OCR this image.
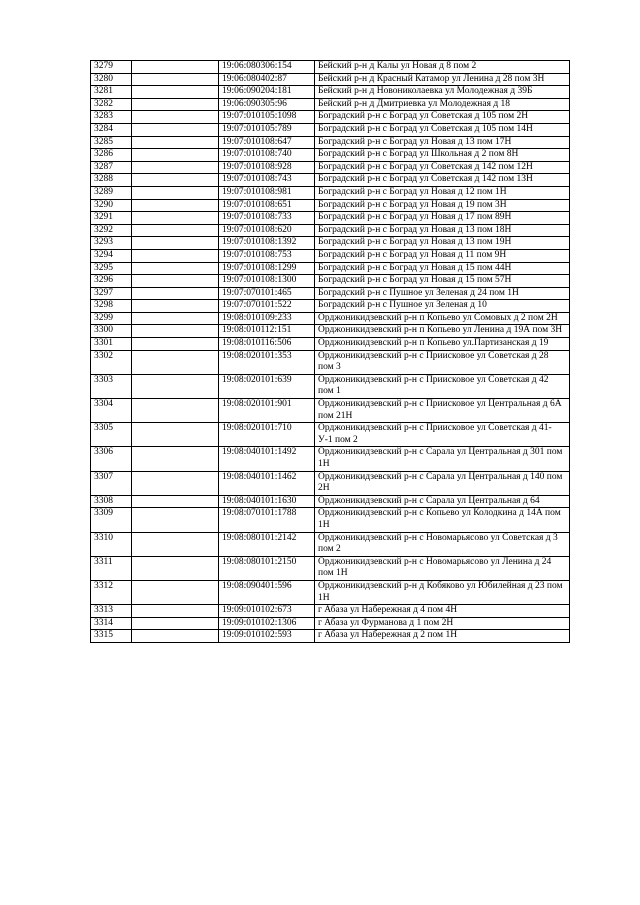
3279		19:06:080306:154	Бейский р-н д Калы ул Новая д 8 пом 2
3280		19:06:080402:87	Бейский р-н д Красный Катамор ул Ленина д 28 пом 3Н
3281		19:06:090204:181	Бейский р-н д Новониколаевка ул Молодежная д 39Б
3282		19:06:090305:96	Бейский р-н д Дмитриевка ул Молодежная д 18
3283		19:07:010105:1098	Боградский р-н с Боград ул Советская д 105 пом 2Н
3284		19:07:010105:789	Боградский р-н с Боград ул Советская д 105 пом 14Н
3285		19:07:010108:647	Боградский р-н с Боград ул Новая д 13 пом 17Н
3286		19:07:010108:740	Боградский р-н с Боград ул Школьная д 2 пом 8Н
3287		19:07:010108:928	Боградский р-н с Боград ул Советская д 142 пом 12Н
3288		19:07:010108:743	Боградский р-н с Боград ул Советская д 142 пом 13Н
3289		19:07:010108:981	Боградский р-н с Боград ул Новая д 12 пом 1Н
3290		19:07:010108:651	Боградский р-н с Боград ул Новая д 19 пом 3Н
3291		19:07:010108:733	Боградский р-н с Боград ул Новая д 17 пом 89Н
3292		19:07:010108:620	Боградский р-н с Боград ул Новая д 13 пом 18Н
3293		19:07:010108:1392	Боградский р-н с Боград ул Новая д 13 пом 19Н
3294		19:07:010108:753	Боградский р-н с Боград ул Новая д 11 пом 9Н
3295		19:07:010108:1299	Боградский р-н с Боград ул Новая д 15 пом 44Н
3296		19:07:010108:1300	Боградский р-н с Боград ул Новая д 15 пом 57Н
3297		19:07:070101:465	Боградский р-н с Пушное ул Зеленая д 24 пом 1Н
3298		19:07:070101:522	Боградский р-н с Пушное ул Зеленая д 10
3299		19:08:010109:233	Орджоникидзевский р-н п Копьево ул Сомовых д 2 пом 2Н
3300		19:08:010112:151	Орджоникидзевский р-н п Копьево ул Ленина д 19А пом 3Н
3301		19:08:010116:506	Орджоникидзевский р-н п Копьево ул.Партизанская д 19
3302		19:08:020101:353	Орджоникидзевский р-н с Приисковое ул Советская д 28 пом 3
3303		19:08:020101:639	Орджоникидзевский р-н с Приисковое ул Советская д 42 пом 1
3304		19:08:020101:901	Орджоникидзевский р-н с Приисковое ул Центральная д 6А пом 21Н
3305		19:08:020101:710	Орджоникидзевский р-н с Приисковое ул Советская д 41-У-1 пом 2
3306		19:08:040101:1492	Орджоникидзевский р-н с Сарала ул Центральная д 301 пом 1Н
3307		19:08:040101:1462	Орджоникидзевский р-н с Сарала ул Центральная д 140 пом 2Н
3308		19:08:040101:1630	Орджоникидзевский р-н с Сарала ул Центральная д 64
3309		19:08:070101:1788	Орджоникидзевский р-н с Копьево ул Колодкина д 14А пом 1Н
3310		19:08:080101:2142	Орджоникидзевский р-н с Новомарьясово ул Советская д 3 пом 2
3311		19:08:080101:2150	Орджоникидзевский р-н с Новомарьясово ул Ленина д 24 пом 1Н
3312		19:08:090401:596	Орджоникидзевский р-н д Кобяково ул Юбилейная д 23 пом 1Н
3313		19:09:010102:673	г Абаза ул Набережная д 4 пом 4Н
3314		19:09:010102:1306	г Абаза ул Фурманова д 1 пом 2Н
3315		19:09:010102:593	г Абаза ул Набережная д 2 пом 1Н
